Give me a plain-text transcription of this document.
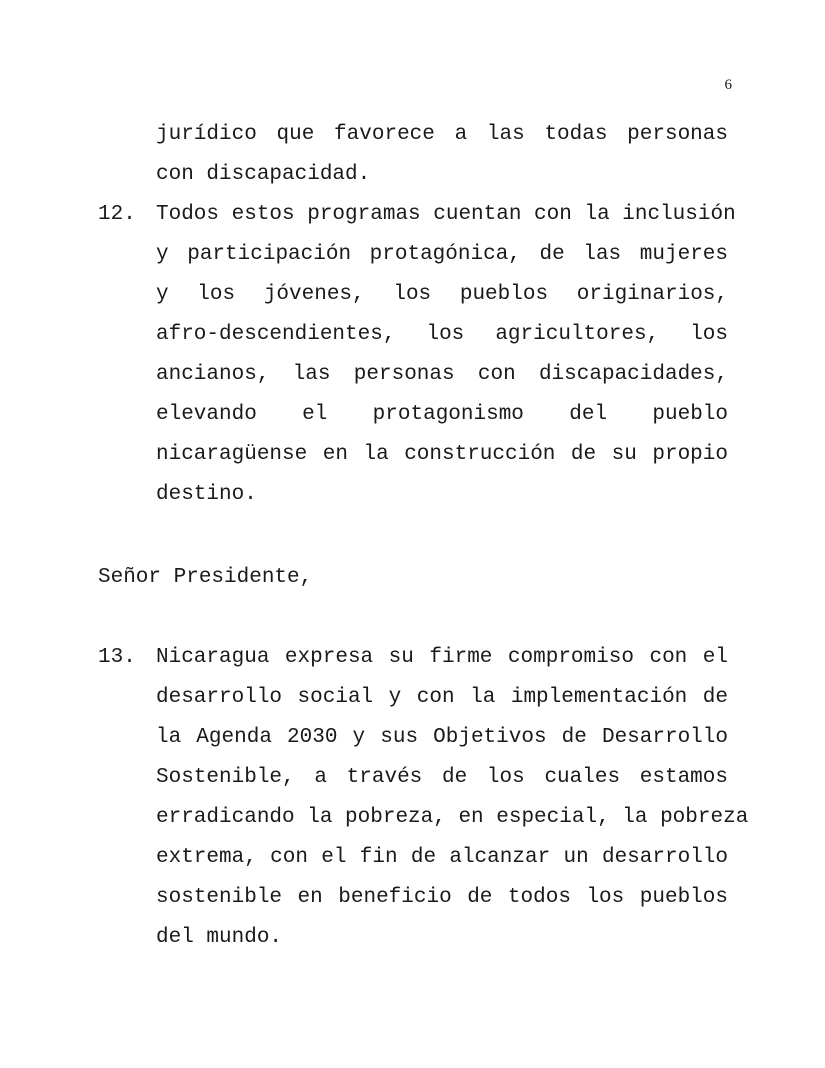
6
jurídico que favorece a las todas personas
con discapacidad.
12. Todos estos programas cuentan con la inclusión
y participación protagónica, de las mujeres
y los jóvenes, los pueblos originarios,
afro-descendientes, los agricultores, los
ancianos, las personas con discapacidades,
elevando el protagonismo del pueblo
nicaragüense en la construcción de su propio
destino.
Señor Presidente,
13. Nicaragua expresa su firme compromiso con el
desarrollo social y con la implementación de
la Agenda 2030 y sus Objetivos de Desarrollo
Sostenible, a través de los cuales estamos
erradicando la pobreza, en especial, la pobreza
extrema, con el fin de alcanzar un desarrollo
sostenible en beneficio de todos los pueblos
del mundo.
